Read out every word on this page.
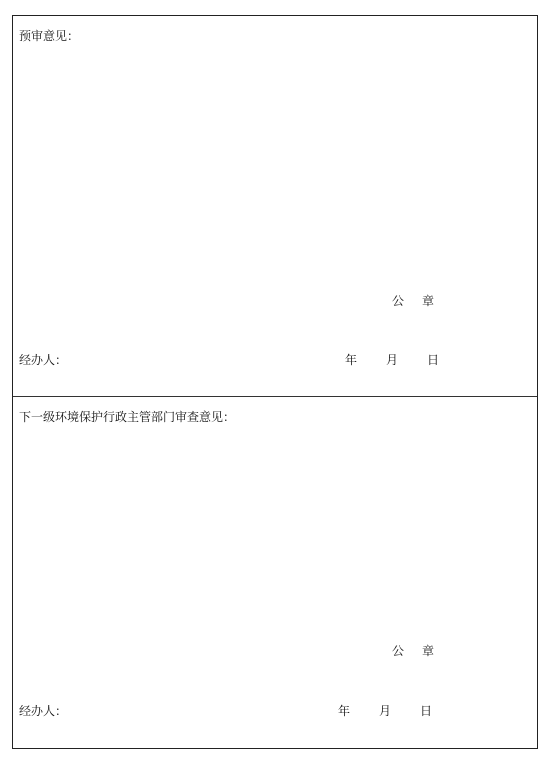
预审意见：

公 章
经办人：	年 月 日

下一级环境保护行政主管部门审查意见：

公 章
经办人：	年 月 日
